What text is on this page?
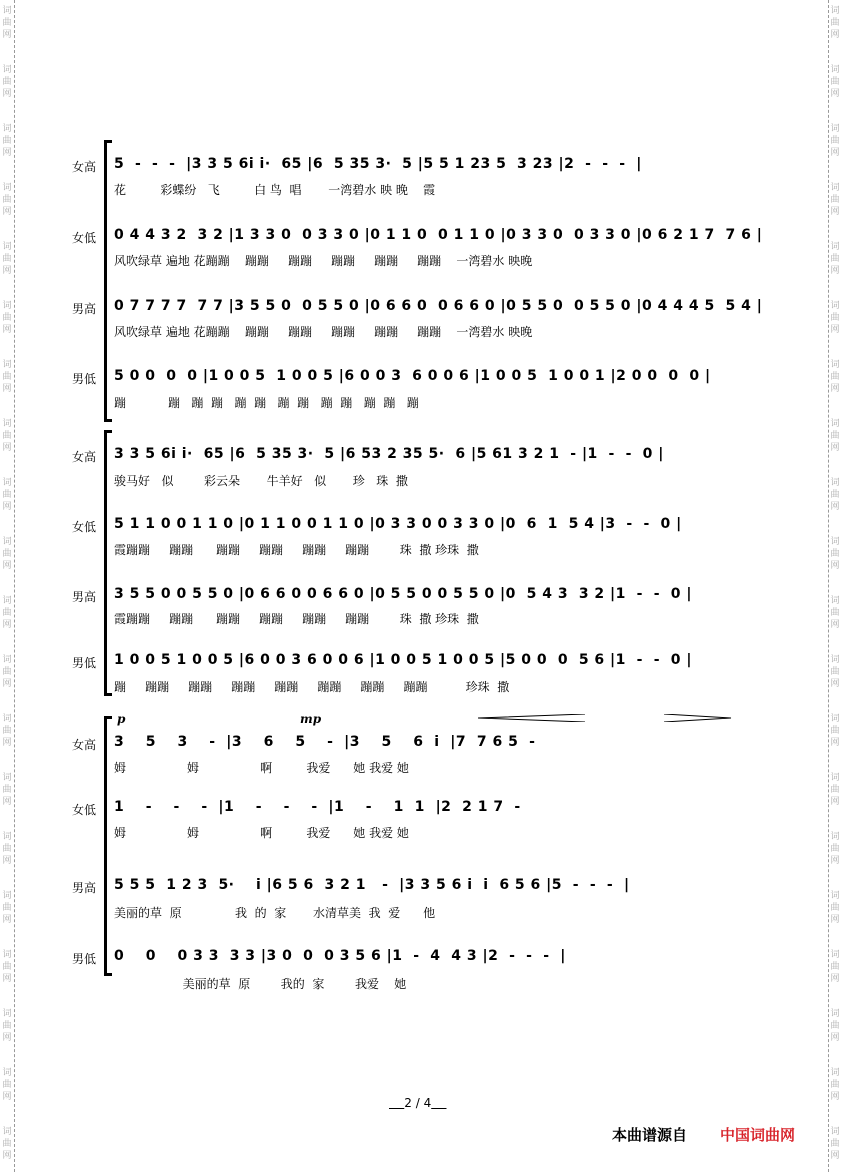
词
曲
网
词
曲
网
词
曲
网
词
曲
网
词
曲
网
词
曲
网
词
曲
网
词
曲
网
词
曲
网
词
曲
网
词
曲
网
词
曲
网
词
曲
网
词
曲
网
词
曲
网
词
曲
网
词
曲
网
词
曲
网
词
曲
网
词
曲
网
词
曲
网
词
曲
网
词
曲
网
词
曲
网
词
曲
网
词
曲
网
词
曲
网
词
曲
网
词
曲
网
词
曲
网
词
曲
网
词
曲
网
词
曲
网
词
曲
网
词
曲
网
词
曲
网
词
曲
网
词
曲
网
词
曲
网
词
曲
网
女高 5  -  -  -  |3 3 5 6i i·  65 |6  5 35 3·  5 |5 5 1 23 5  3 23 |2  -  -  -  |
花         彩蝶纷   飞         白 鸟  唱       一湾碧水 映 晚    霞
女低 0 4 4 3 2  3 2 |1 3 3 0  0 3 3 0 |0 1 1 0  0 1 1 0 |0 3 3 0  0 3 3 0 |0 6 2 1 7  7 6 |
风吹绿草 遍地 花蹦蹦    蹦蹦     蹦蹦     蹦蹦     蹦蹦     蹦蹦    一湾碧水 映晚
男高 0 7 7 7 7  7 7 |3 5 5 0  0 5 5 0 |0 6 6 0  0 6 6 0 |0 5 5 0  0 5 5 0 |0 4 4 4 5  5 4 |
风吹绿草 遍地 花蹦蹦    蹦蹦     蹦蹦     蹦蹦     蹦蹦     蹦蹦    一湾碧水 映晚
男低 5 0 0  0  0 |1 0 0 5  1 0 0 5 |6 0 0 3  6 0 0 6 |1 0 0 5  1 0 0 1 |2 0 0  0  0 |
蹦           蹦   蹦  蹦   蹦  蹦   蹦  蹦   蹦  蹦   蹦  蹦   蹦
女高 3 3 5 6i i·  65 |6  5 35 3·  5 |6 53 2 35 5·  6 |5 61 3 2 1  - |1  -  -  0 |
骏马好   似        彩云朵       牛羊好   似       珍   珠  撒
女低 5 1 1 0 0 1 1 0 |0 1 1 0 0 1 1 0 |0 3 3 0 0 3 3 0 |0  6  1  5 4 |3  -  -  0 |
霞蹦蹦     蹦蹦      蹦蹦     蹦蹦     蹦蹦     蹦蹦        珠  撒 珍珠  撒
男高 3 5 5 0 0 5 5 0 |0 6 6 0 0 6 6 0 |0 5 5 0 0 5 5 0 |0  5 4 3  3 2 |1  -  -  0 |
霞蹦蹦     蹦蹦      蹦蹦     蹦蹦     蹦蹦     蹦蹦        珠  撒 珍珠  撒
男低 1 0 0 5 1 0 0 5 |6 0 0 3 6 0 0 6 |1 0 0 5 1 0 0 5 |5 0 0  0  5 6 |1  -  -  0 |
蹦     蹦蹦     蹦蹦     蹦蹦     蹦蹦     蹦蹦     蹦蹦     蹦蹦          珍珠  撒
p	mp
女高 3    5    3    -  |3    6    5    -  |3    5    6  i  |7  7 6 5  -
姆                姆                啊         我爱      她 我爱 她
女低 1    -    -    -  |1    -    -    -  |1    -    1  1  |2  2 1 7  -
姆                姆                啊         我爱      她 我爱 她
男高 5 5 5  1 2 3  5·    i |6 5 6  3 2 1   -  |3 3 5 6 i  i  6 5 6 |5  -  -  -  |
美丽的草  原              我  的  家       水清草美  我  爱      他
男低 0    0    0 3 3  3 3 |3 0  0  0 3 5 6 |1  -  4  4 3 |2  -  -  -  |
美丽的草  原        我的  家        我爱    她
2 / 4
本曲谱源自 中国词曲网
